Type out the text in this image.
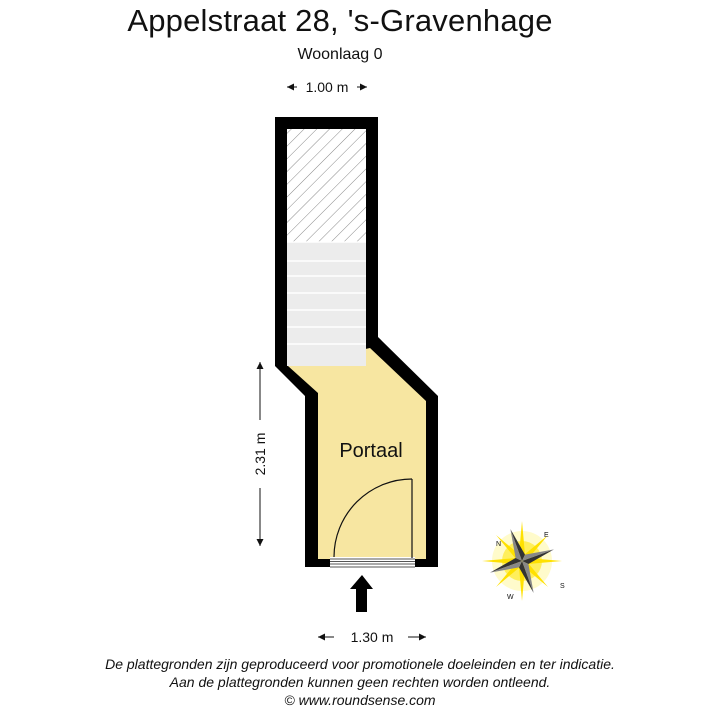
Appelstraat 28, 's-Gravenhage
Woonlaag 0
1.00 m
2.31 m
1.30 m
Portaal
N
E
S
W
De plattegronden zijn geproduceerd voor promotionele doeleinden en ter indicatie.
Aan de plattegronden kunnen geen rechten worden ontleend.
© www.roundsense.com
